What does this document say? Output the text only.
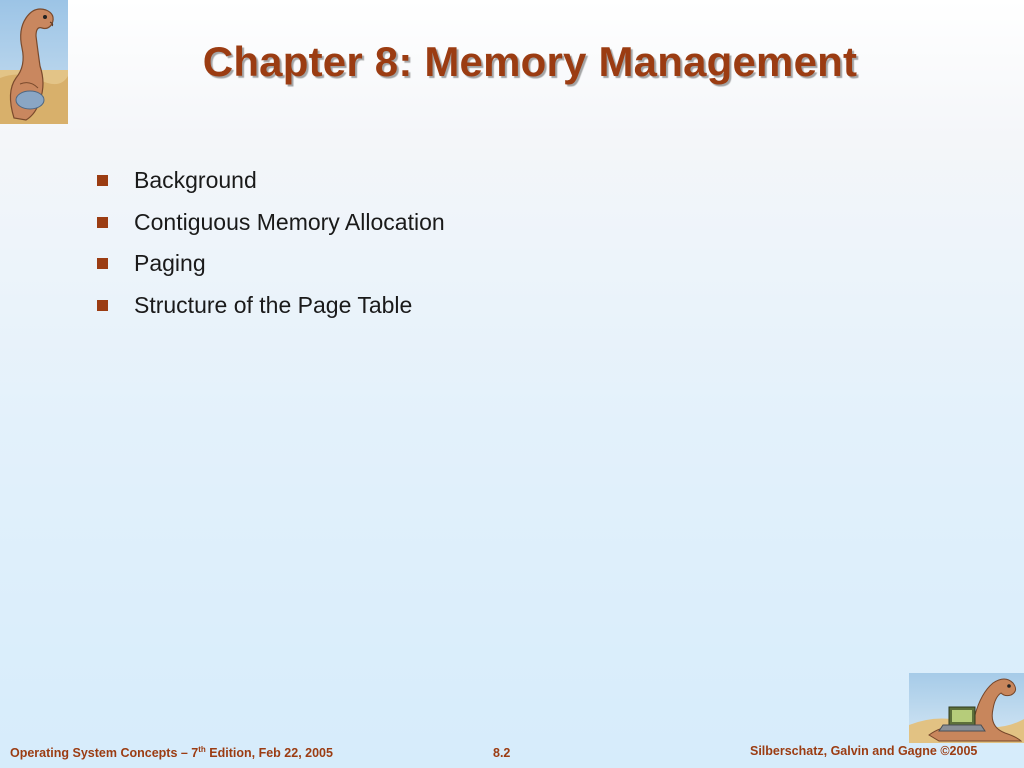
Chapter 8: Memory Management
Background
Contiguous Memory Allocation
Paging
Structure of the Page Table
Operating System Concepts – 7th Edition, Feb 22, 2005	8.2	Silberschatz, Galvin and Gagne ©2005
